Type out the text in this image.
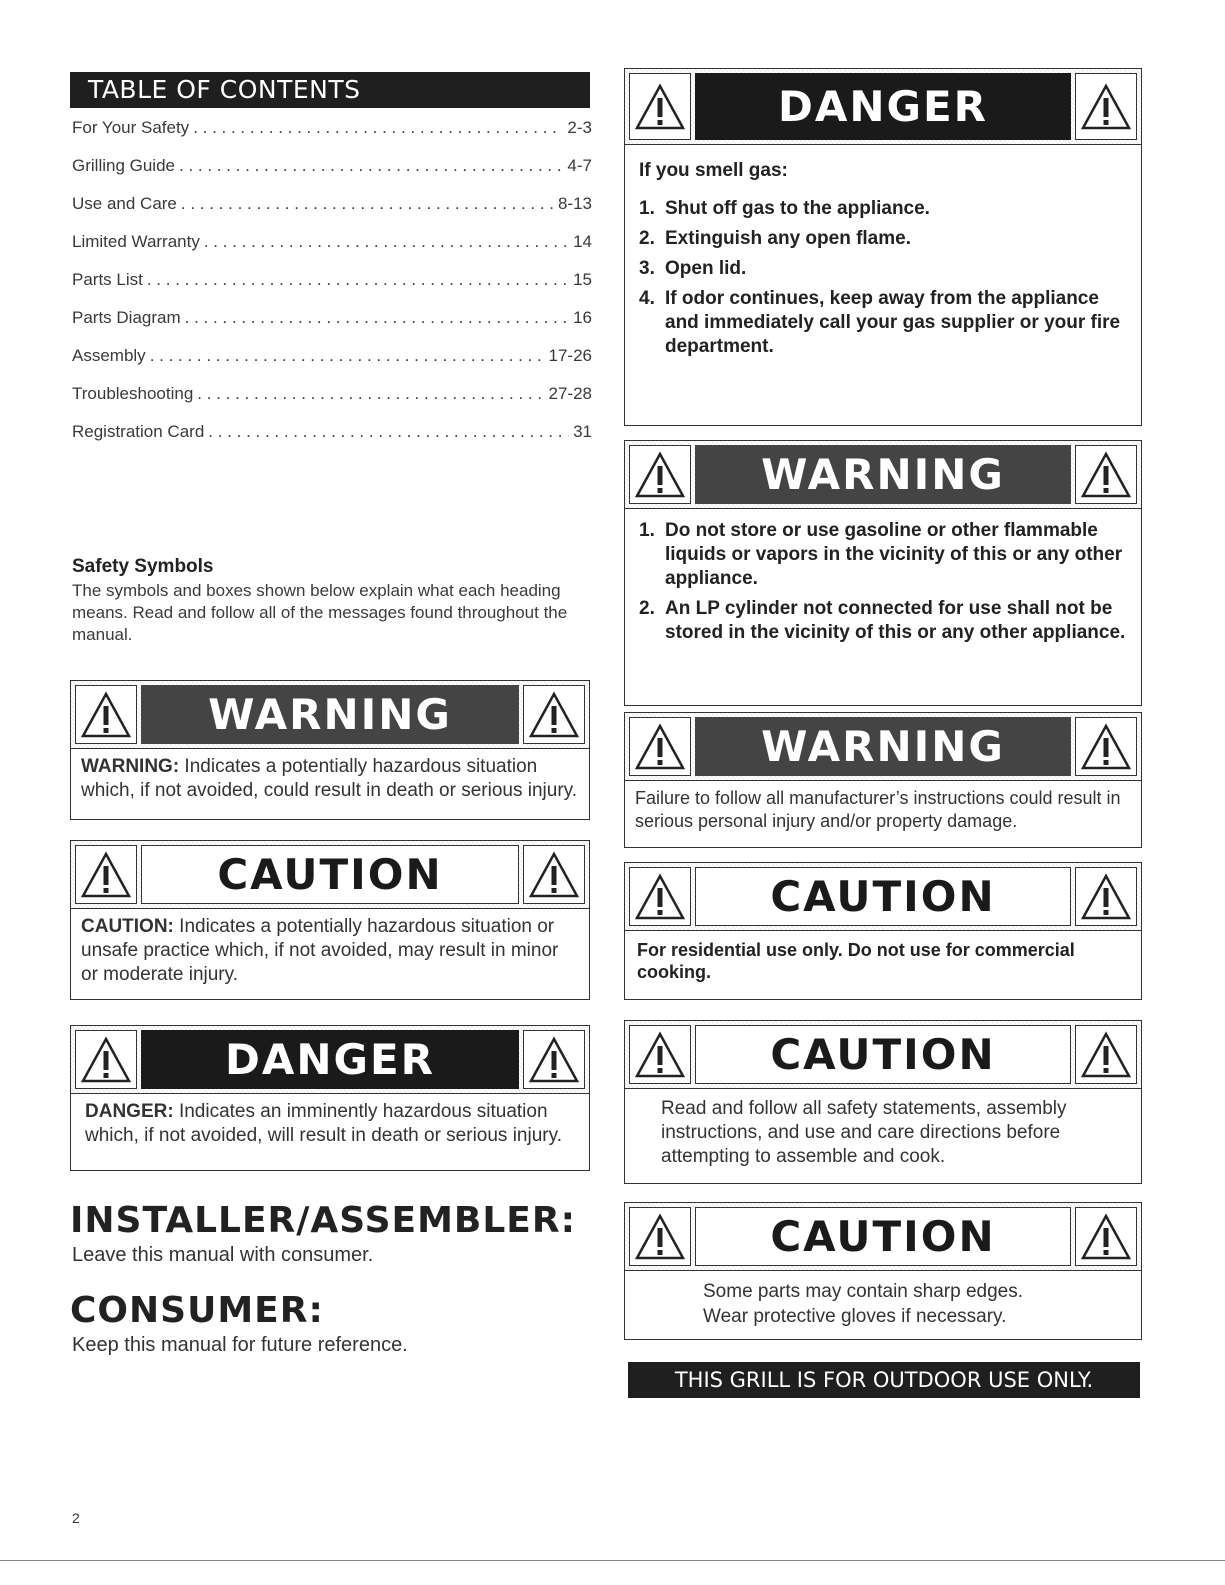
TABLE OF CONTENTS
For Your Safety . . .	2-3
Grilling Guide . . .	4-7
Use and Care . . .	8-13
Limited Warranty . . .	14
Parts List . . .	15
Parts Diagram . . .	16
Assembly . . .	17-26
Troubleshooting . . .	27-28
Registration Card . . .	31
Safety Symbols
The symbols and boxes shown below explain what each heading means. Read and follow all of the messages found throughout the manual.
WARNING
WARNING: Indicates a potentially hazardous situation which, if not avoided, could result in death or serious injury.
CAUTION
CAUTION: Indicates a potentially hazardous situation or unsafe practice which, if not avoided, may result in minor or moderate injury.
DANGER
DANGER: Indicates an imminently hazardous situation which, if not avoided, will result in death or serious injury.
INSTALLER/ASSEMBLER:
Leave this manual with consumer.
CONSUMER:
Keep this manual for future reference.
DANGER
If you smell gas:
1. Shut off gas to the appliance.
2. Extinguish any open flame.
3. Open lid.
4. If odor continues, keep away from the appliance and immediately call your gas supplier or your fire department.
WARNING
1. Do not store or use gasoline or other flammable liquids or vapors in the vicinity of this or any other appliance.
2. An LP cylinder not connected for use shall not be stored in the vicinity of this or any other appliance.
WARNING
Failure to follow all manufacturer’s instructions could result in serious personal injury and/or property damage.
CAUTION
For residential use only. Do not use for commercial cooking.
CAUTION
Read and follow all safety statements, assembly instructions, and use and care directions before attempting to assemble and cook.
CAUTION
Some parts may contain sharp edges.
Wear protective gloves if necessary.
THIS GRILL IS FOR OUTDOOR USE ONLY.
2
